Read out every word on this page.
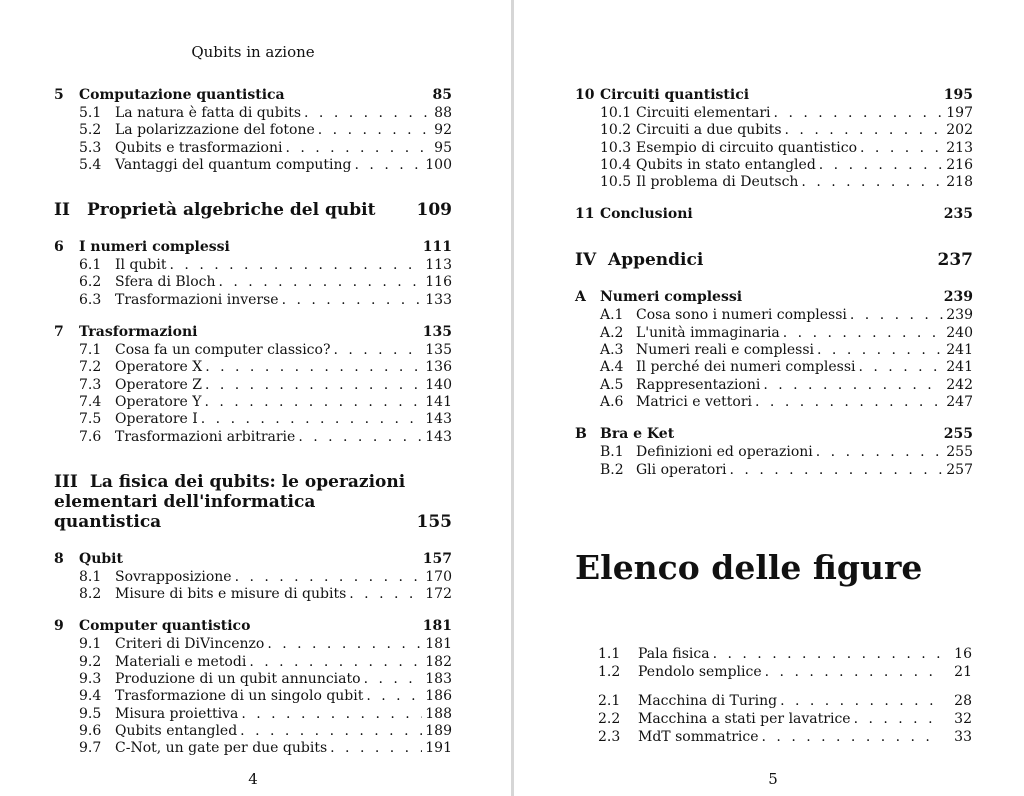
Qubits in azione
5	Computazione quantistica	85
5.1 La natura è fatta di qubits . . .	88
5.2 La polarizzazione del fotone . . .	92
5.3 Qubits e trasformazioni . . .	95
5.4 Vantaggi del quantum computing . . .	100
II	Proprietà algebriche del qubit	109
6	I numeri complessi	111
6.1 Il qubit . . .	113
6.2 Sfera di Bloch . . .	116
6.3 Trasformazioni inverse . . .	133
7	Trasformazioni	135
7.1 Cosa fa un computer classico? . . .	135
7.2 Operatore X . . .	136
7.3 Operatore Z . . .	140
7.4 Operatore Y . . .	141
7.5 Operatore I . . .	143
7.6 Trasformazioni arbitrarie . . .	143
III La fisica dei qubits: le operazioni elementari dell'informatica quantistica	155
8	Qubit	157
8.1 Sovrapposizione . . .	170
8.2 Misure di bits e misure di qubits . . .	172
9	Computer quantistico	181
9.1 Criteri di DiVincenzo . . .	181
9.2 Materiali e metodi . . .	182
9.3 Produzione di un qubit annunciato . . .	183
9.4 Trasformazione di un singolo qubit . . .	186
9.5 Misura proiettiva . . .	188
9.6 Qubits entangled . . .	189
9.7 C-Not, un gate per due qubits . . .	191
4
10 Circuiti quantistici	195
10.1 Circuiti elementari . . .	197
10.2 Circuiti a due qubits . . .	202
10.3 Esempio di circuito quantistico . . .	213
10.4 Qubits in stato entangled . . .	216
10.5 Il problema di Deutsch . . .	218
11 Conclusioni	235
IV Appendici	237
A	Numeri complessi	239
A.1 Cosa sono i numeri complessi . . .	239
A.2 L'unità immaginaria . . .	240
A.3 Numeri reali e complessi . . .	241
A.4 Il perché dei numeri complessi . . .	241
A.5 Rappresentazioni . . .	242
A.6 Matrici e vettori . . .	247
B Bra e Ket	255
B.1 Definizioni ed operazioni . . .	255
B.2 Gli operatori . . .	257
Elenco delle figure
1.1	Pala fisica . . .	16
1.2	Pendolo semplice . . .	21
2.1	Macchina di Turing . . .	28
2.2	Macchina a stati per lavatrice . . .	32
2.3	MdT sommatrice . . .	33
5
